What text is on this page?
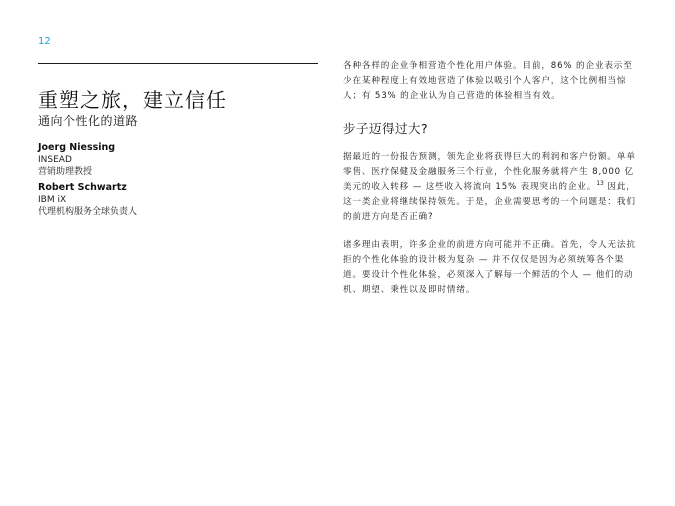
12
重塑之旅，建立信任
通向个性化的道路
Joerg Niessing
INSEAD
营销助理教授
Robert Schwartz
IBM iX
代理机构服务全球负责人

各种各样的企业争相营造个性化用户体验。目前，86% 的企业表示至少在某种程度上有效地营造了体验以吸引个人客户，这个比例相当惊人；有 53% 的企业认为自己营造的体验相当有效。

步子迈得过大?

据最近的一份报告预测，领先企业将获得巨大的利润和客户份额。单单零售、医疗保健及金融服务三个行业，个性化服务就将产生 8,000 亿美元的收入转移 — 这些收入将流向 15% 表现突出的企业。$^{13}$ 因此，这一类企业将继续保持领先。于是，企业需要思考的一个问题是：我们的前进方向是否正确?

诸多理由表明，许多企业的前进方向可能并不正确。首先，令人无法抗拒的个性化体验的设计极为复杂 — 并不仅仅是因为必须统筹各个渠道。要设计个性化体验，必须深入了解每一个鲜活的个人 — 他们的动机、期望、秉性以及即时情绪。
